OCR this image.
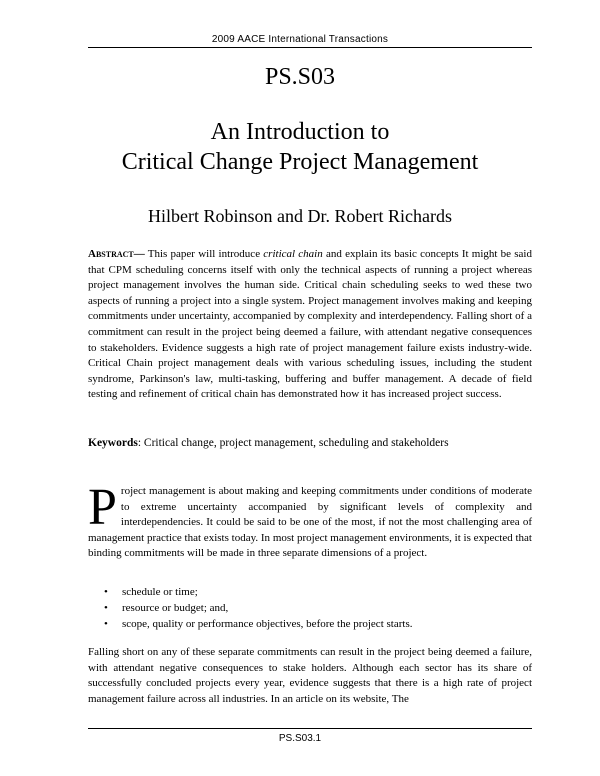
2009 AACE International Transactions
PS.S03
An Introduction to
Critical Change Project Management
Hilbert Robinson and Dr. Robert Richards

Abstract— This paper will introduce critical chain and explain its basic concepts It might be said that CPM scheduling concerns itself with only the technical aspects of running a project whereas project management involves the human side. Critical chain scheduling seeks to wed these two aspects of running a project into a single system. Project management involves making and keeping commitments under uncertainty, accompanied by complexity and interdependency. Falling short of a commitment can result in the project being deemed a failure, with attendant negative consequences to stakeholders. Evidence suggests a high rate of project management failure exists industry-wide. Critical Chain project management deals with various scheduling issues, including the student syndrome, Parkinson's law, multi-tasking, buffering and buffer management. A decade of field testing and refinement of critical chain has demonstrated how it has increased project success.

Keywords: Critical change, project management, scheduling and stakeholders

Project management is about making and keeping commitments under conditions of moderate to extreme uncertainty accompanied by significant levels of complexity and interdependencies. It could be said to be one of the most, if not the most challenging area of management practice that exists today. In most project management environments, it is expected that binding commitments will be made in three separate dimensions of a project.

• schedule or time;
• resource or budget; and,
• scope, quality or performance objectives, before the project starts.

Falling short on any of these separate commitments can result in the project being deemed a failure, with attendant negative consequences to stake holders. Although each sector has its share of successfully concluded projects every year, evidence suggests that there is a high rate of project management failure across all industries. In an article on its website, The

PS.S03.1
